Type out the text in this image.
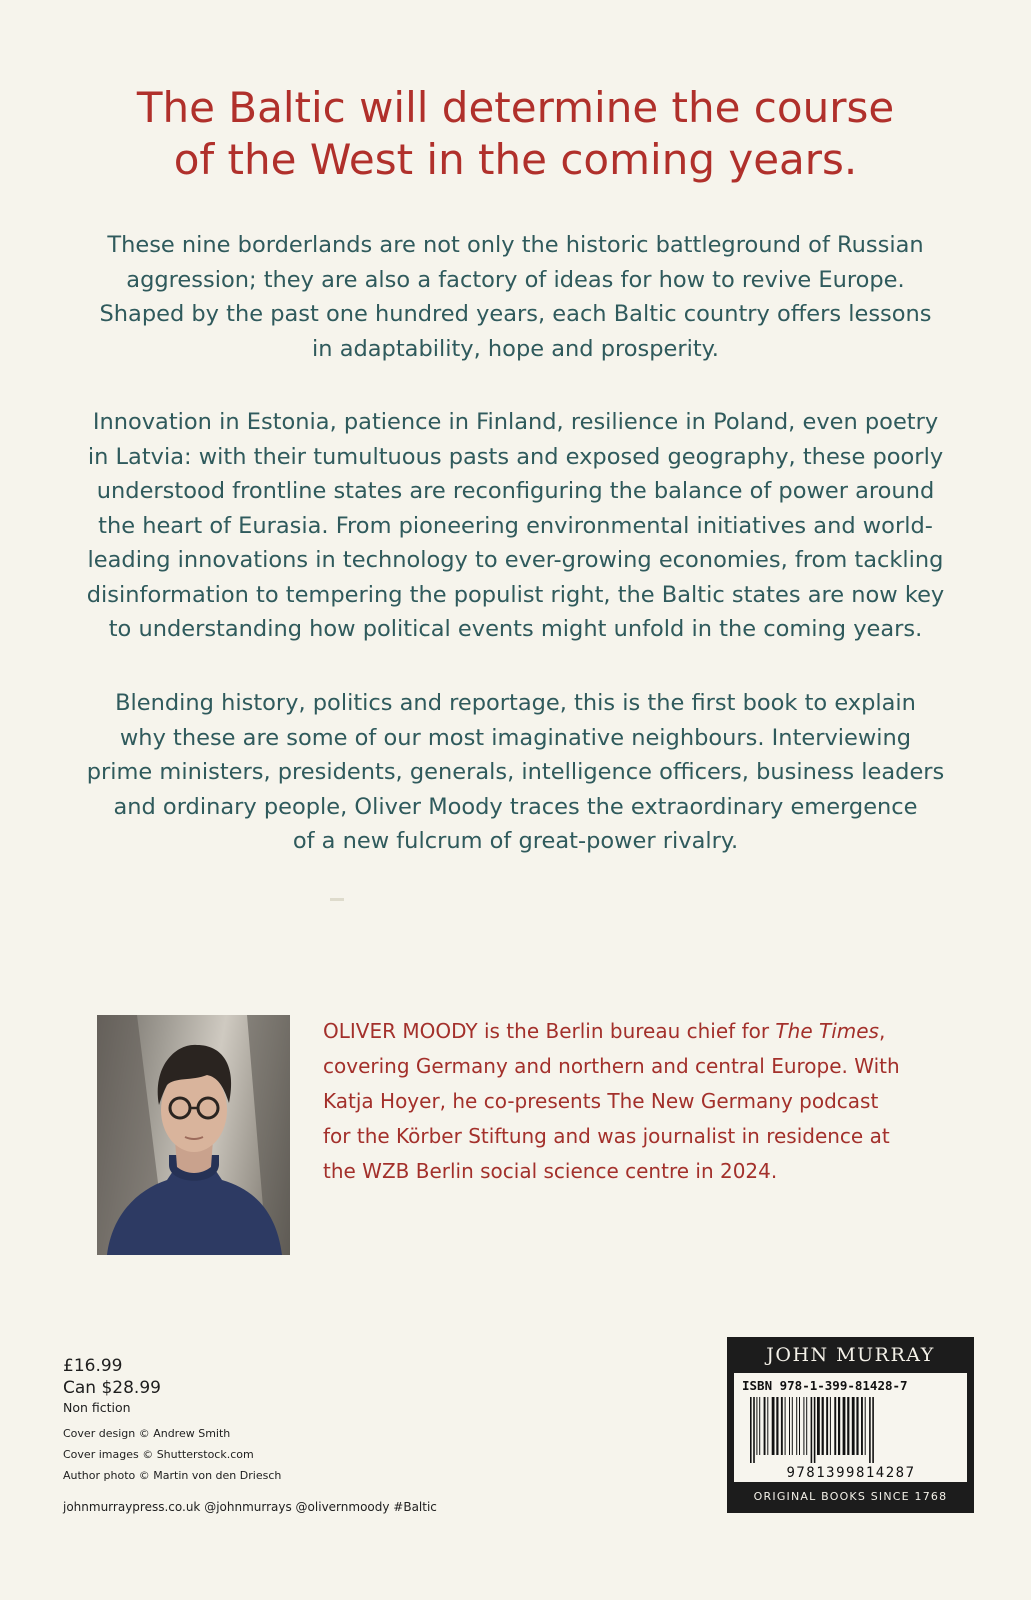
The Baltic will determine the course
of the West in the coming years.

These nine borderlands are not only the historic battleground of Russian
aggression; they are also a factory of ideas for how to revive Europe.
Shaped by the past one hundred years, each Baltic country offers lessons
in adaptability, hope and prosperity.

Innovation in Estonia, patience in Finland, resilience in Poland, even poetry
in Latvia: with their tumultuous pasts and exposed geography, these poorly
understood frontline states are reconfiguring the balance of power around
the heart of Eurasia. From pioneering environmental initiatives and world-
leading innovations in technology to ever-growing economies, from tackling
disinformation to tempering the populist right, the Baltic states are now key
to understanding how political events might unfold in the coming years.

Blending history, politics and reportage, this is the first book to explain
why these are some of our most imaginative neighbours. Interviewing
prime ministers, presidents, generals, intelligence officers, business leaders
and ordinary people, Oliver Moody traces the extraordinary emergence
of a new fulcrum of great-power rivalry.

OLIVER MOODY is the Berlin bureau chief for The Times,
covering Germany and northern and central Europe. With
Katja Hoyer, he co-presents The New Germany podcast
for the Körber Stiftung and was journalist in residence at
the WZB Berlin social science centre in 2024.

£16.99
Can $28.99
Non fiction
Cover design © Andrew Smith
Cover images © Shutterstock.com
Author photo © Martin von den Driesch
johnmurraypress.co.uk @johnmurrays @olivernmoody #Baltic
JOHN MURRAY
ISBN 978-1-399-81428-7
9781399814287
ORIGINAL BOOKS SINCE 1768
